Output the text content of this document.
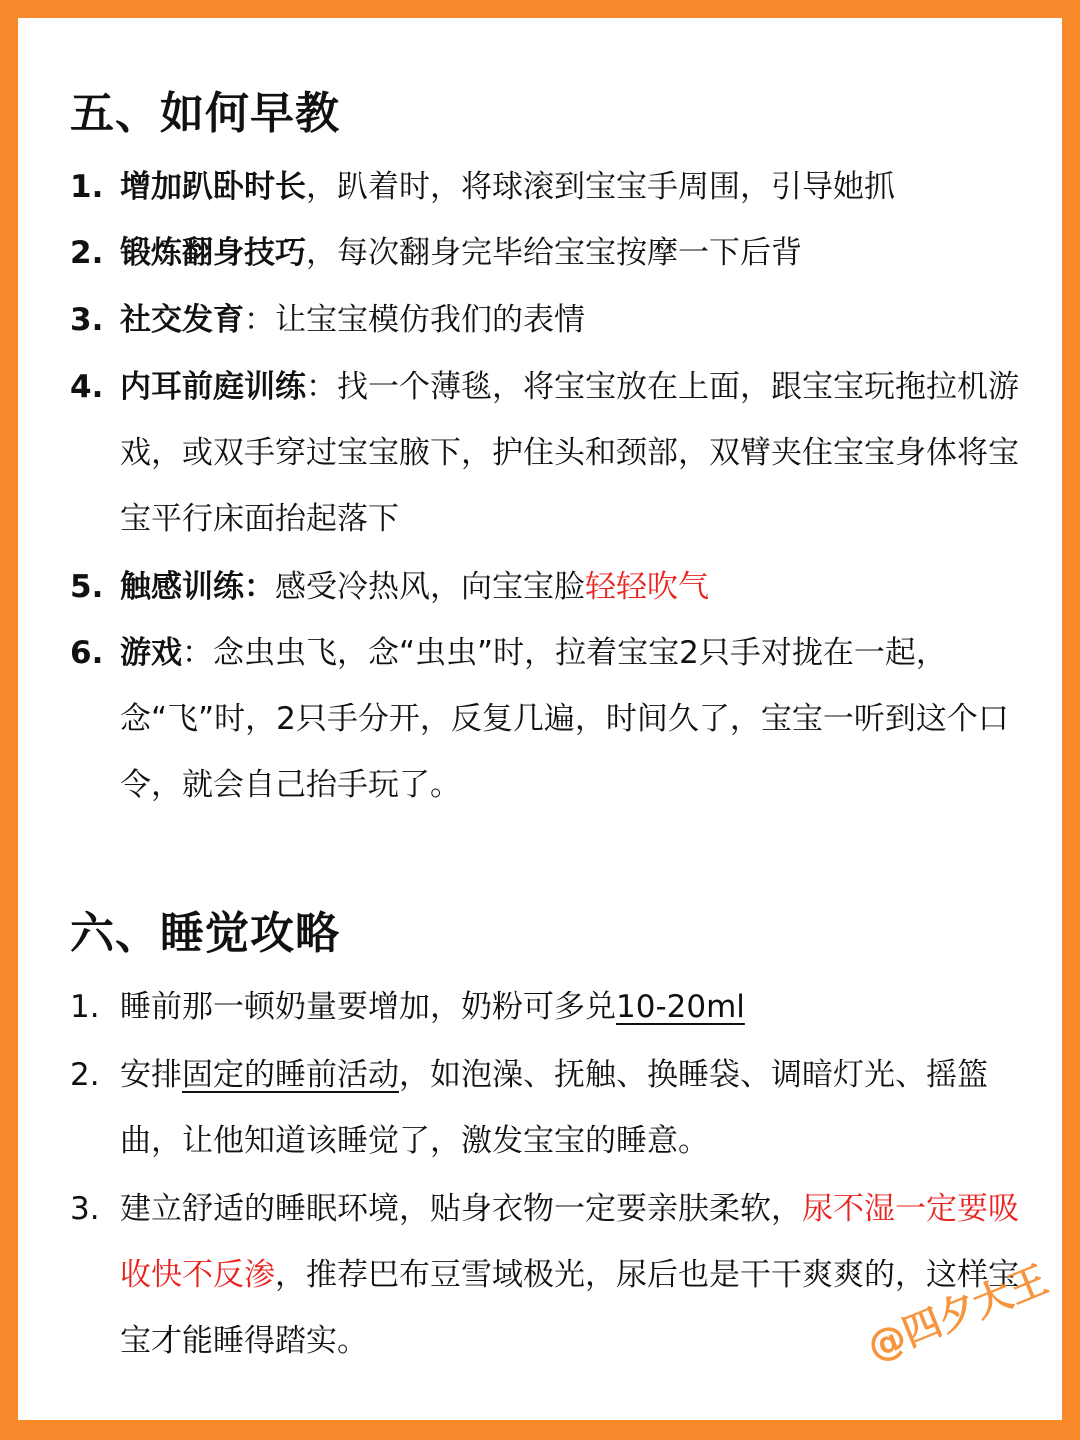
五、如何早教
1. 增加趴卧时长，趴着时，将球滚到宝宝手周围，引导她抓
2. 锻炼翻身技巧，每次翻身完毕给宝宝按摩一下后背
3. 社交发育：让宝宝模仿我们的表情
4. 内耳前庭训练：找一个薄毯，将宝宝放在上面，跟宝宝玩拖拉机游戏，或双手穿过宝宝腋下，护住头和颈部，双臂夹住宝宝身体将宝宝平行床面抬起落下
5. 触感训练：感受冷热风，向宝宝脸轻轻吹气
6. 游戏：念虫虫飞，念“虫虫”时，拉着宝宝2只手对拢在一起，念“飞”时，2只手分开，反复几遍，时间久了，宝宝一听到这个口令，就会自己抬手玩了。
六、睡觉攻略
1. 睡前那一顿奶量要增加，奶粉可多兑10-20ml
2. 安排固定的睡前活动，如泡澡、抚触、换睡袋、调暗灯光、摇篮曲，让他知道该睡觉了，激发宝宝的睡意。
3. 建立舒适的睡眠环境，贴身衣物一定要亲肤柔软，尿不湿一定要吸收快不反渗，推荐巴布豆雪域极光，尿后也是干干爽爽的，这样宝宝才能睡得踏实。	@四夕大王
